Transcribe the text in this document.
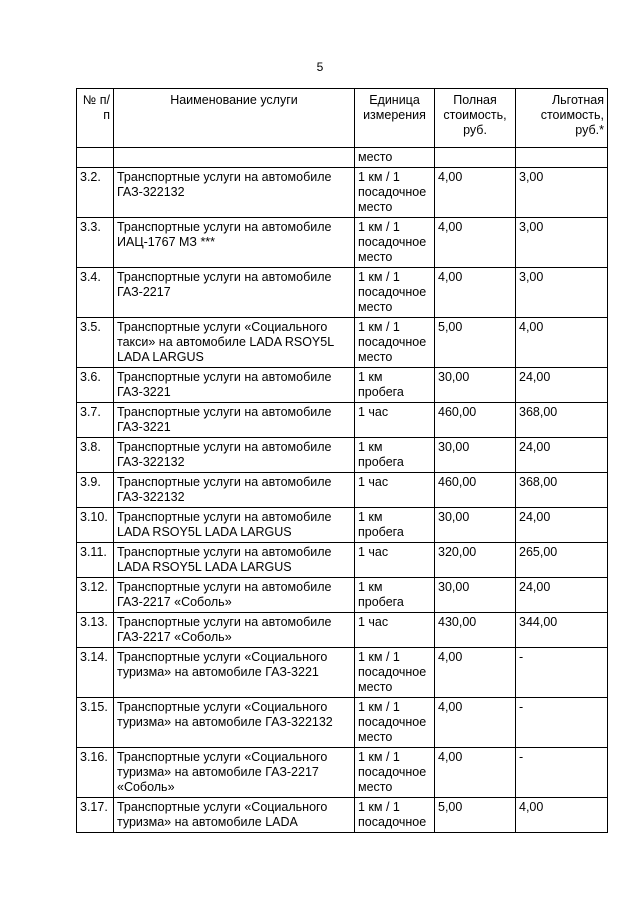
5
№ п/п	Наименование услуги	Единица измерения	Полная стоимость, руб.	Льготная стоимость, руб.*
		место		
3.2.	Транспортные услуги на автомобиле ГАЗ-322132	1 км / 1 посадочное место	4,00	3,00
3.3.	Транспортные услуги на автомобиле ИАЦ-1767 МЗ ***	1 км / 1 посадочное место	4,00	3,00
3.4.	Транспортные услуги на автомобиле ГАЗ-2217	1 км / 1 посадочное место	4,00	3,00
3.5.	Транспортные услуги «Социального такси» на автомобиле LADA RSOY5L LADA LARGUS	1 км / 1 посадочное место	5,00	4,00
3.6.	Транспортные услуги на автомобиле ГАЗ-3221	1 км пробега	30,00	24,00
3.7.	Транспортные услуги на автомобиле ГАЗ-3221	1 час	460,00	368,00
3.8.	Транспортные услуги на автомобиле ГАЗ-322132	1 км пробега	30,00	24,00
3.9.	Транспортные услуги на автомобиле ГАЗ-322132	1 час	460,00	368,00
3.10.	Транспортные услуги на автомобиле LADA RSOY5L LADA LARGUS	1 км пробега	30,00	24,00
3.11.	Транспортные услуги на автомобиле LADA RSOY5L LADA LARGUS	1 час	320,00	265,00
3.12.	Транспортные услуги на автомобиле ГАЗ-2217 «Соболь»	1 км пробега	30,00	24,00
3.13.	Транспортные услуги на автомобиле ГАЗ-2217 «Соболь»	1 час	430,00	344,00
3.14.	Транспортные услуги «Социального туризма» на автомобиле ГАЗ-3221	1 км / 1 посадочное место	4,00	-
3.15.	Транспортные услуги «Социального туризма» на автомобиле ГАЗ-322132	1 км / 1 посадочное место	4,00	-
3.16.	Транспортные услуги «Социального туризма» на автомобиле ГАЗ-2217 «Соболь»	1 км / 1 посадочное место	4,00	-
3.17.	Транспортные услуги «Социального туризма» на автомобиле LADA	1 км / 1 посадочное	5,00	4,00
